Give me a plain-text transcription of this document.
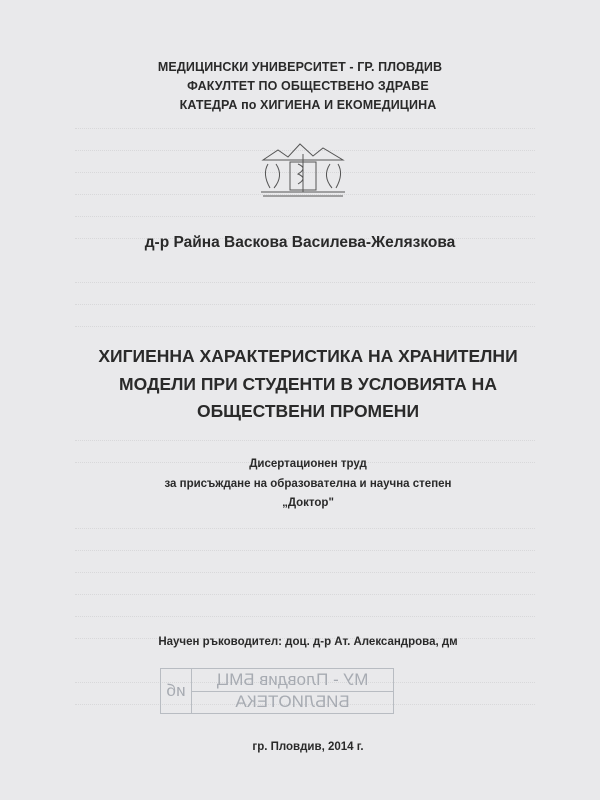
МЕДИЦИНСКИ УНИВЕРСИТЕТ - ГР. ПЛОВДИВ
ФАКУЛТЕТ ПО ОБЩЕСТВЕНО ЗДРАВЕ
КАТЕДРА по ХИГИЕНА И ЕКОМЕДИЦИНА
д-р Райна Васкова Василева-Желязкова
ХИГИЕННА ХАРАКТЕРИСТИКА НА ХРАНИТЕЛНИ
МОДЕЛИ ПРИ СТУДЕНТИ В УСЛОВИЯТА НА
ОБЩЕСТВЕНИ ПРОМЕНИ
Дисертационен труд
за присъждане на образователна и научна степен
„Доктор"
Научен ръководител: доц. д-р Ат. Александрова, дм
МУ - Пловдив БМЦ
БИБЛИОТЕКА
иб
гр. Пловдив, 2014 г.
